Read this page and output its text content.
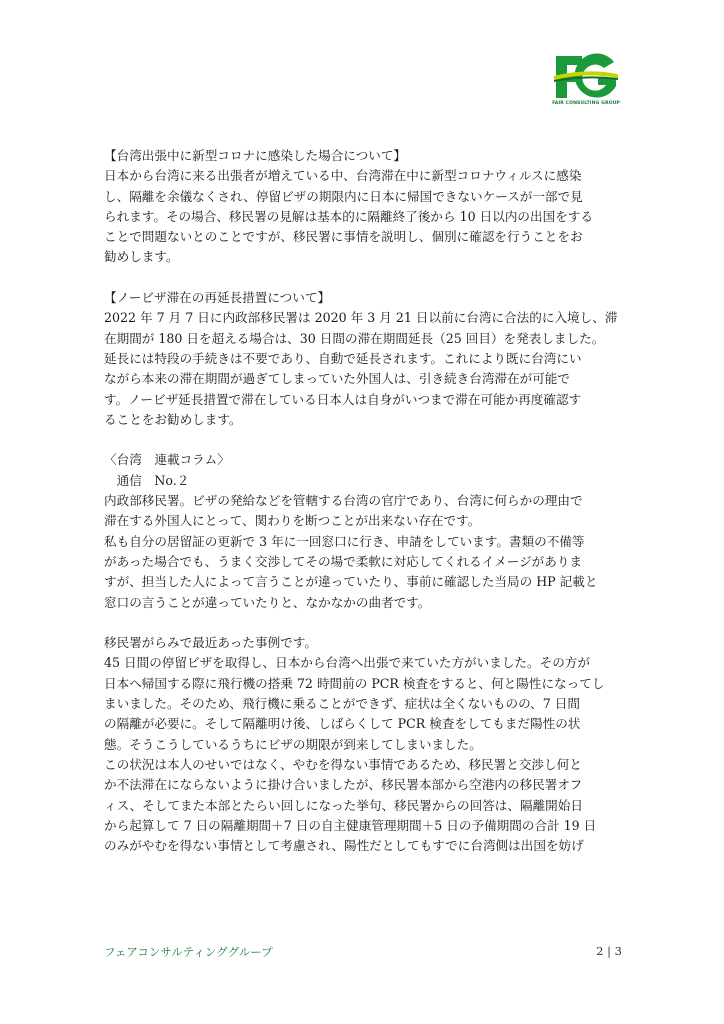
FAIR CONSULTING GROUP

【台湾出張中に新型コロナに感染した場合について】

日本から台湾に来る出張者が増えている中、台湾滞在中に新型コロナウィルスに感染
し、隔離を余儀なくされ、停留ビザの期限内に日本に帰国できないケースが一部で見
られます。その場合、移民署の見解は基本的に隔離終了後から 10 日以内の出国をする
ことで問題ないとのことですが、移民署に事情を説明し、個別に確認を行うことをお
勧めします。

【ノービザ滞在の再延長措置について】

2022 年 7 月 7 日に内政部移民署は 2020 年 3 月 21 日以前に台湾に合法的に入境し、滞
在期間が 180 日を超える場合は、30 日間の滞在期間延長（25 回目）を発表しました。
延長には特段の手続きは不要であり、自動で延長されます。これにより既に台湾にい
ながら本来の滞在期間が過ぎてしまっていた外国人は、引き続き台湾滞在が可能で
す。ノービザ延長措置で滞在している日本人は自身がいつまで滞在可能か再度確認す
ることをお勧めします。

〈台湾　連載コラム〉

　通信　No.２

内政部移民署。ビザの発給などを管轄する台湾の官庁であり、台湾に何らかの理由で
滞在する外国人にとって、関わりを断つことが出来ない存在です。
私も自分の居留証の更新で 3 年に一回窓口に行き、申請をしています。書類の不備等
があった場合でも、うまく交渉してその場で柔軟に対応してくれるイメージがありま
すが、担当した人によって言うことが違っていたり、事前に確認した当局の HP 記載と
窓口の言うことが違っていたりと、なかなかの曲者です。

移民署がらみで最近あった事例です。
45 日間の停留ビザを取得し、日本から台湾へ出張で来ていた方がいました。その方が
日本へ帰国する際に飛行機の搭乗 72 時間前の PCR 検査をすると、何と陽性になってし
まいました。そのため、飛行機に乗ることができず、症状は全くないものの、7 日間
の隔離が必要に。そして隔離明け後、しばらくして PCR 検査をしてもまだ陽性の状
態。そうこうしているうちにビザの期限が到来してしまいました。
この状況は本人のせいではなく、やむを得ない事情であるため、移民署と交渉し何と
か不法滞在にならないように掛け合いましたが、移民署本部から空港内の移民署オフ
ィス、そしてまた本部とたらい回しになった挙句、移民署からの回答は、隔離開始日
から起算して 7 日の隔離期間＋7 日の自主健康管理期間＋5 日の予備期間の合計 19 日
のみがやむを得ない事情として考慮され、陽性だとしてもすでに台湾側は出国を妨げ

フェアコンサルティンググループ	2 | 3
